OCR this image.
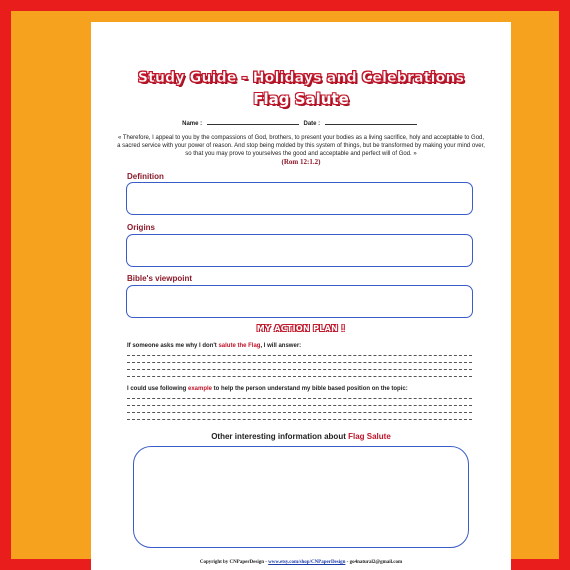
Study Guide - Holidays and Celebrations
Flag Salute
Name :	Date :
« Therefore, I appeal to you by the compassions of God, brothers, to present your bodies as a living sacrifice, holy and acceptable to God, a sacred service with your power of reason. And stop being molded by this system of things, but be transformed by making your mind over, so that you may prove to yourselves the good and acceptable and perfect will of God. »
(Rom 12:1.2)
Definition
Origins
Bible's viewpoint
MY ACTION PLAN !
If someone asks me why I don't salute the Flag, I will answer:
I could use following example to help the person understand my bible based position on the topic:
Other interesting information about Flag Salute
Copyright by CNPaperDesign - www.etsy.com/shop/CNPaperDesign - go4natural2@gmail.com
